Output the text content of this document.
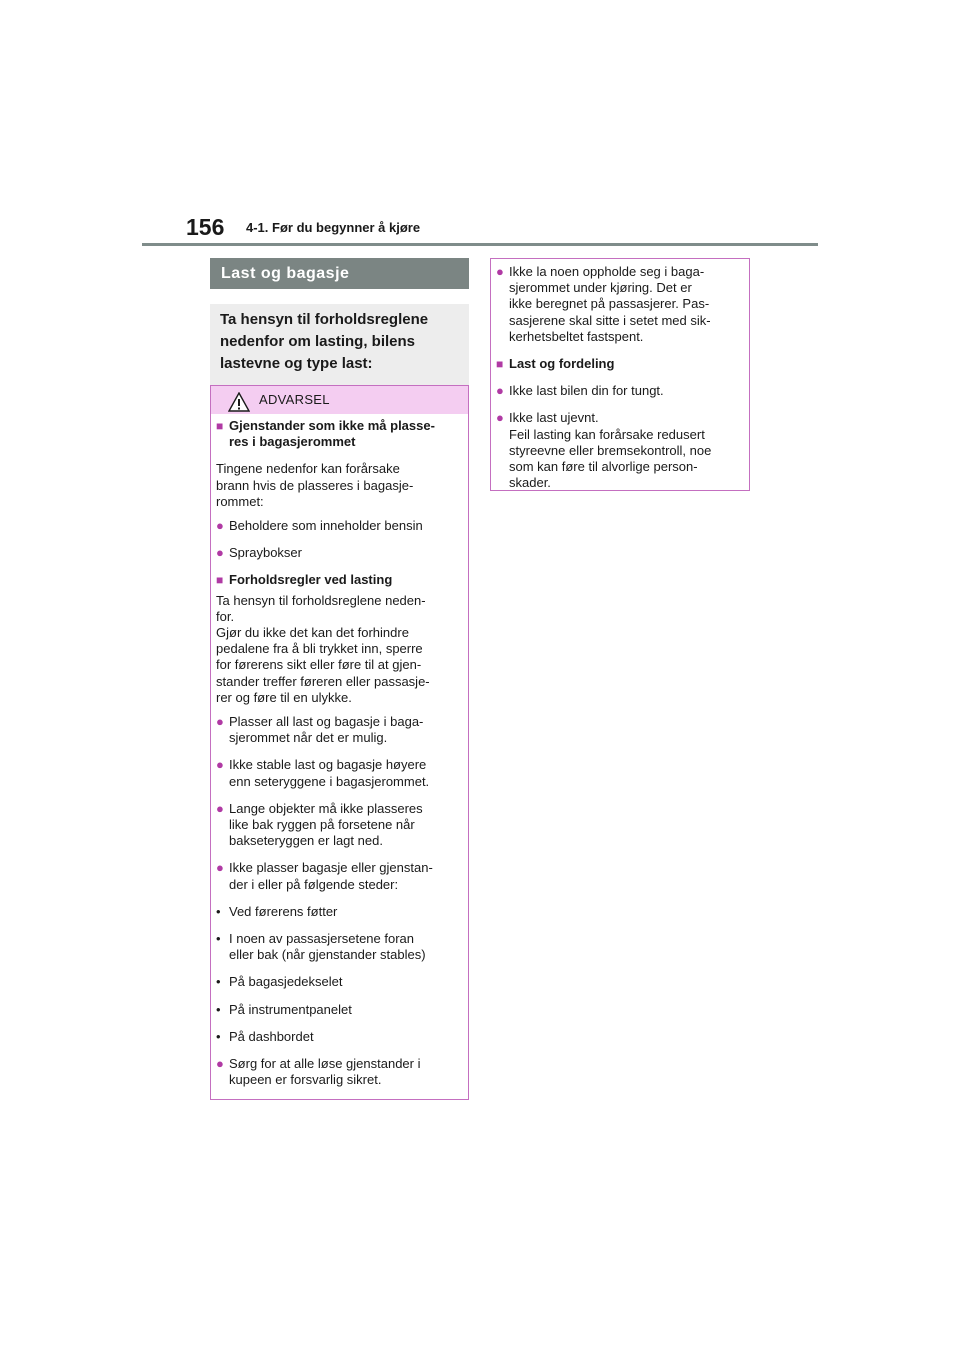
156 4-1. Før du begynner å kjøre
Last og bagasje
Ta hensyn til forholdsreglene
nedenfor om lasting, bilens
lastevne og type last:
ADVARSEL
■ Gjenstander som ikke må plasse-
res i bagasjerommet
Tingene nedenfor kan forårsake
brann hvis de plasseres i bagasje-
rommet:
● Beholdere som inneholder bensin
● Spraybokser
■ Forholdsregler ved lasting
Ta hensyn til forholdsreglene neden-
for.
Gjør du ikke det kan det forhindre
pedalene fra å bli trykket inn, sperre
for førerens sikt eller føre til at gjen-
stander treffer føreren eller passasje-
rer og føre til en ulykke.
● Plasser all last og bagasje i baga-
sjerommet når det er mulig.
● Ikke stable last og bagasje høyere
enn seteryggene i bagasjerommet.
● Lange objekter må ikke plasseres
like bak ryggen på forsetene når
bakseteryggen er lagt ned.
● Ikke plasser bagasje eller gjenstan-
der i eller på følgende steder:
• Ved førerens føtter
• I noen av passasjersetene foran
eller bak (når gjenstander stables)
• På bagasjedekselet
• På instrumentpanelet
• På dashbordet
● Sørg for at alle løse gjenstander i
kupeen er forsvarlig sikret.
● Ikke la noen oppholde seg i baga-
sjerommet under kjøring. Det er
ikke beregnet på passasjerer. Pas-
sasjerene skal sitte i setet med sik-
kerhetsbeltet fastspent.
■ Last og fordeling
● Ikke last bilen din for tungt.
● Ikke last ujevnt.
Feil lasting kan forårsake redusert
styreevne eller bremsekontroll, noe
som kan føre til alvorlige person-
skader.
